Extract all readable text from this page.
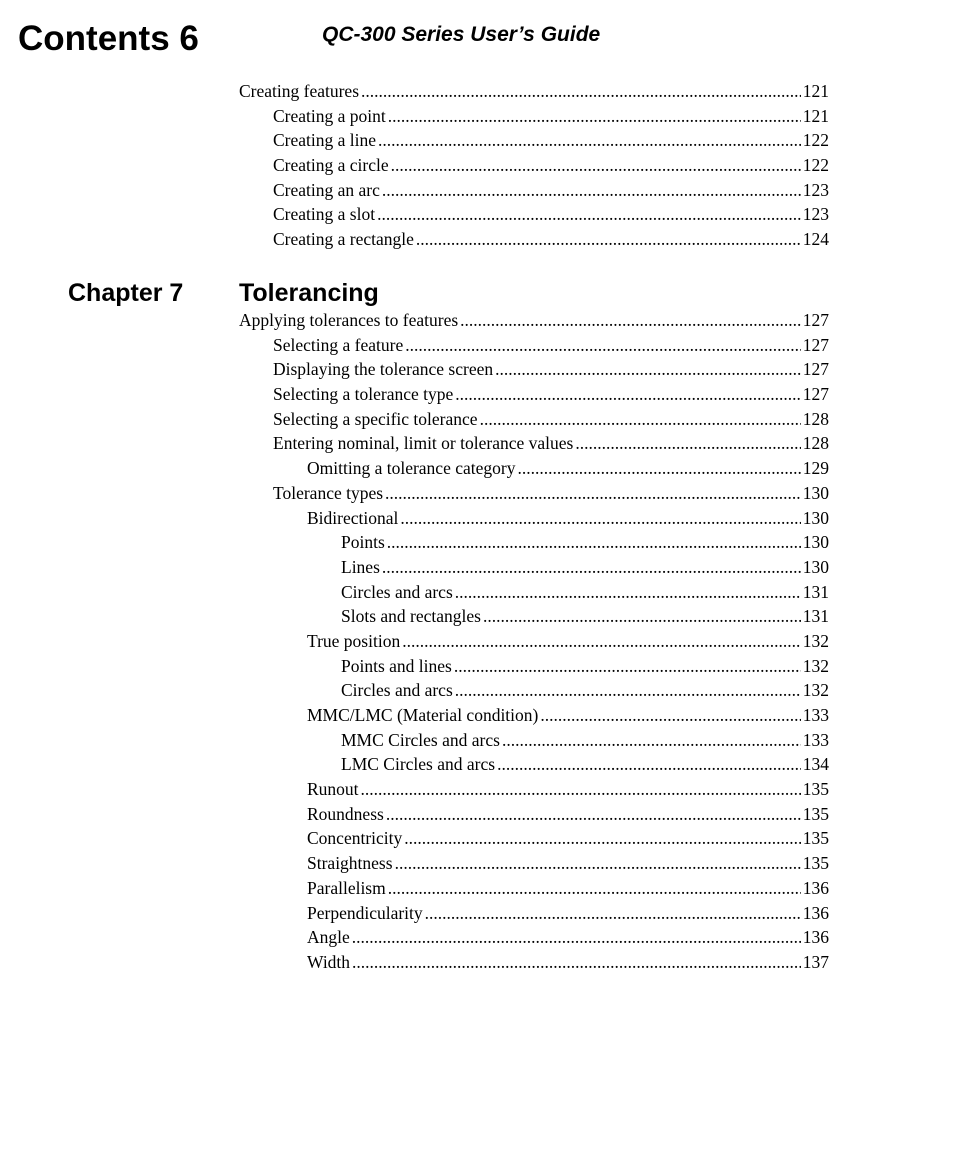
Contents 6	QC-300 Series User’s Guide
Creating features .....	121
Creating a point .....	121
Creating a line .....	122
Creating a circle .....	122
Creating an arc .....	123
Creating a slot .....	123
Creating a rectangle .....	124
Chapter 7 Tolerancing
Applying tolerances to features .....	127
Selecting a feature .....	127
Displaying the tolerance screen .....	127
Selecting a tolerance type .....	127
Selecting a specific tolerance .....	128
Entering nominal, limit or tolerance values .....	128
Omitting a tolerance category .....	129
Tolerance types .....	130
Bidirectional .....	130
Points .....	130
Lines .....	130
Circles and arcs .....	131
Slots and rectangles .....	131
True position .....	132
Points and lines .....	132
Circles and arcs .....	132
MMC/LMC (Material condition) .....	133
MMC Circles and arcs .....	133
LMC Circles and arcs .....	134
Runout .....	135
Roundness .....	135
Concentricity .....	135
Straightness .....	135
Parallelism .....	136
Perpendicularity .....	136
Angle .....	136
Width .....	137
